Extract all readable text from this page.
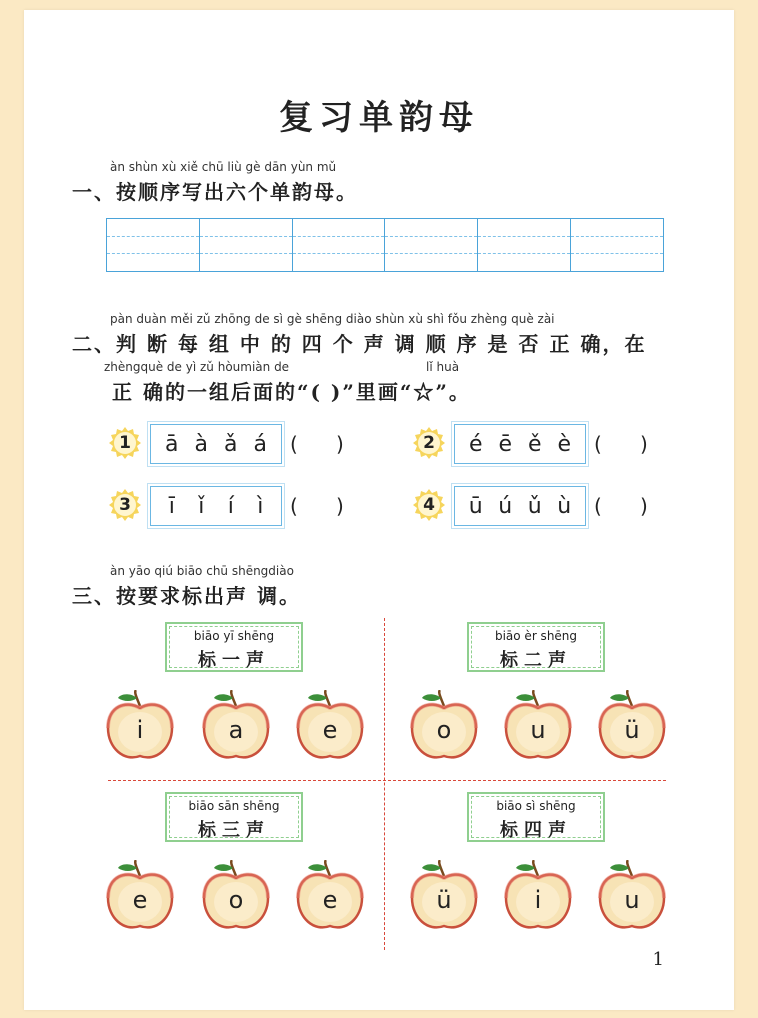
复习单韵母
àn shùn xù xiě chū liù gè dān yùn mǔ
一、按顺序写出六个单韵母。
pàn duàn měi zǔ zhōng de sì gè shēng diào shùn xù shì fǒu zhèng què zài
二、判 断 每 组 中 的 四 个 声 调 顺 序 是 否 正 确，在
zhèngquè de yì zǔ hòumiàn de	lǐ huà
正 确的一组后面的“( )”里画“☆”。
1	ā à ǎ á (      )	2	é ē ě è (      )
3	ī ǐ í ì (      )	4	ū ú ǔ ù (      )
àn yāo qiú biāo chū shēngdiào
三、按要求标出声 调。
biāo yī shēng
标一声
biāo èr shēng
标二声
biāo sān shēng
标三声
biāo sì shēng
标四声
i	a	e	o	u	ü
e	o	e	ü	i	u
1
